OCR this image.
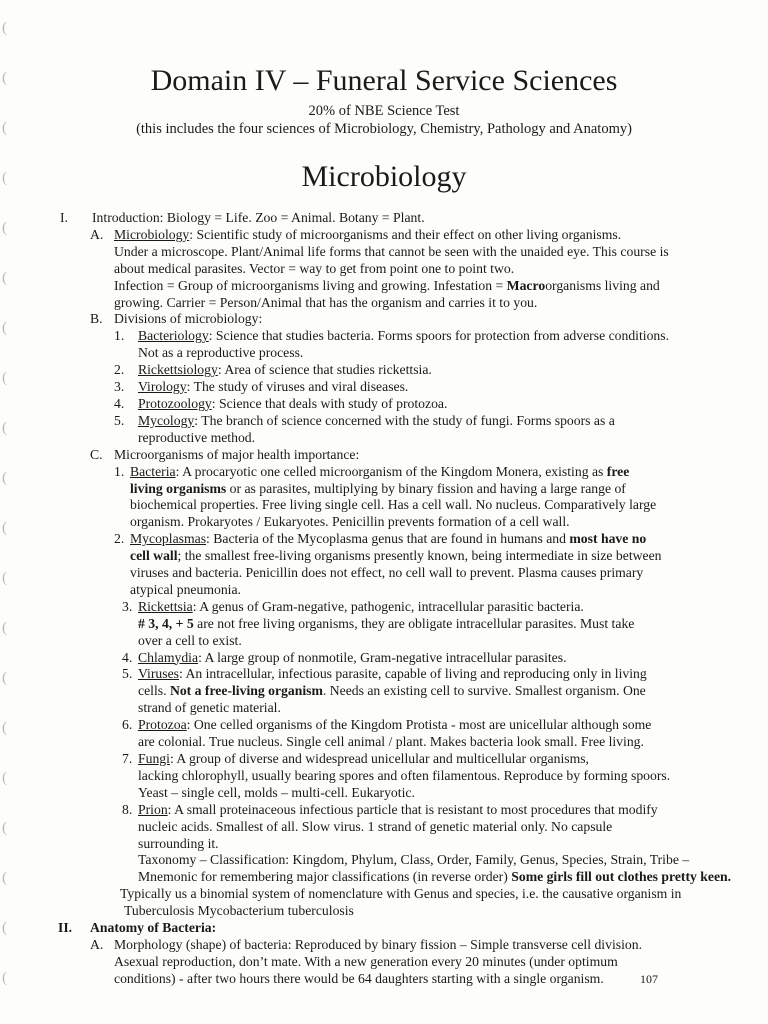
(
(
(
(
(
(
(
(
(
(
(
(
(
(
(
(
(
(
(
(
Domain IV – Funeral Service Sciences
20% of NBE Science Test
(this includes the four sciences of Microbiology, Chemistry, Pathology and Anatomy)
Microbiology
I. Introduction: Biology = Life. Zoo = Animal. Botany = Plant.
A. Microbiology: Scientific study of microorganisms and their effect on other living organisms.
Under a microscope. Plant/Animal life forms that cannot be seen with the unaided eye. This course is
about medical parasites. Vector = way to get from point one to point two.
Infection = Group of microorganisms living and growing. Infestation = Macroorganisms living and
growing. Carrier = Person/Animal that has the organism and carries it to you.
B. Divisions of microbiology:
1. Bacteriology: Science that studies bacteria. Forms spoors for protection from adverse conditions.
Not as a reproductive process.
2. Rickettsiology: Area of science that studies rickettsia.
3. Virology: The study of viruses and viral diseases.
4. Protozoology: Science that deals with study of protozoa.
5. Mycology: The branch of science concerned with the study of fungi. Forms spoors as a
reproductive method.
C. Microorganisms of major health importance:
1. Bacteria: A procaryotic one celled microorganism of the Kingdom Monera, existing as free
living organisms or as parasites, multiplying by binary fission and having a large range of
biochemical properties. Free living single cell. Has a cell wall. No nucleus. Comparatively large
organism. Prokaryotes / Eukaryotes. Penicillin prevents formation of a cell wall.
2. Mycoplasmas: Bacteria of the Mycoplasma genus that are found in humans and most have no
cell wall; the smallest free-living organisms presently known, being intermediate in size between
viruses and bacteria. Penicillin does not effect, no cell wall to prevent. Plasma causes primary
atypical pneumonia.
3. Rickettsia: A genus of Gram-negative, pathogenic, intracellular parasitic bacteria.
# 3, 4, + 5 are not free living organisms, they are obligate intracellular parasites. Must take
over a cell to exist.
4. Chlamydia: A large group of nonmotile, Gram-negative intracellular parasites.
5. Viruses: An intracellular, infectious parasite, capable of living and reproducing only in living
cells. Not a free-living organism. Needs an existing cell to survive. Smallest organism. One
strand of genetic material.
6. Protozoa: One celled organisms of the Kingdom Protista - most are unicellular although some
are colonial. True nucleus. Single cell animal / plant. Makes bacteria look small. Free living.
7. Fungi: A group of diverse and widespread unicellular and multicellular organisms,
lacking chlorophyll, usually bearing spores and often filamentous. Reproduce by forming spoors.
Yeast – single cell, molds – multi-cell. Eukaryotic.
8. Prion: A small proteinaceous infectious particle that is resistant to most procedures that modify
nucleic acids. Smallest of all. Slow virus. 1 strand of genetic material only. No capsule
surrounding it.
Taxonomy – Classification: Kingdom, Phylum, Class, Order, Family, Genus, Species, Strain, Tribe –
Mnemonic for remembering major classifications (in reverse order) Some girls fill out clothes pretty keen.
Typically us a binomial system of nomenclature with Genus and species, i.e. the causative organism in
Tuberculosis Mycobacterium tuberculosis
II. Anatomy of Bacteria:
A. Morphology (shape) of bacteria: Reproduced by binary fission – Simple transverse cell division.
Asexual reproduction, don’t mate. With a new generation every 20 minutes (under optimum
conditions) - after two hours there would be 64 daughters starting with a single organism.	107
